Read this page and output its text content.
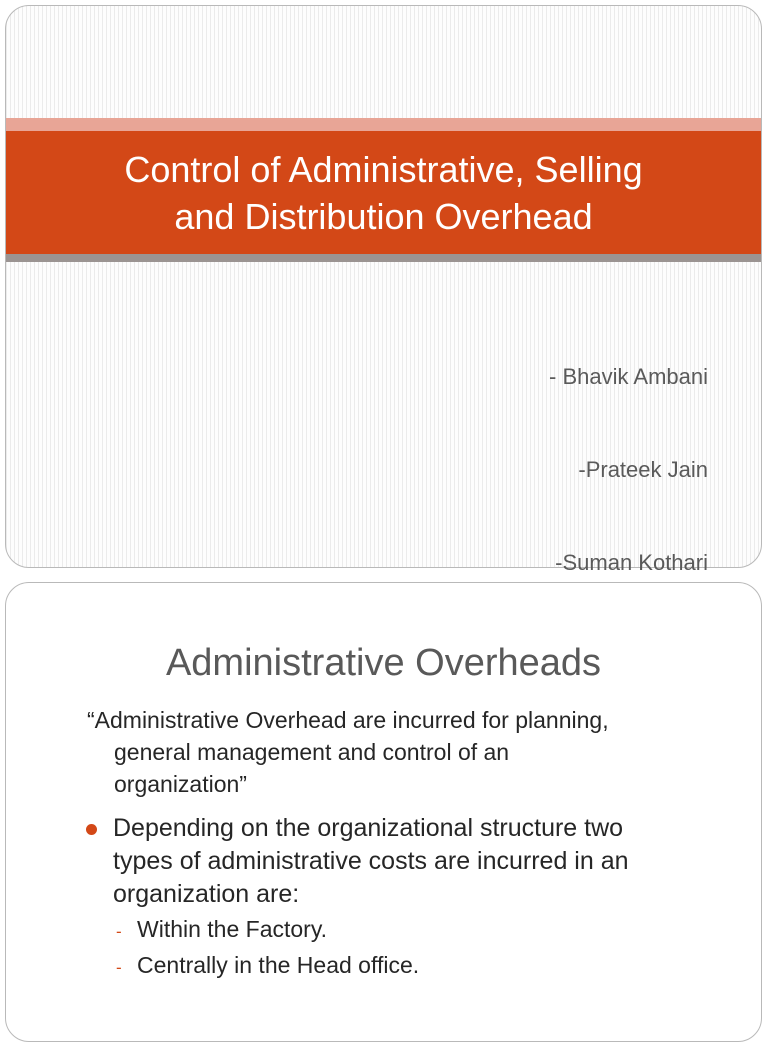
Control of Administrative, Selling
and Distribution Overhead

- Bhavik Ambani

-Prateek Jain

-Suman Kothari

Administrative Overheads
“Administrative Overhead are incurred for planning,
general management and control of an
organization”
Depending on the organizational structure two
types of administrative costs are incurred in an
organization are:
- Within the Factory.
- Centrally in the Head office.
